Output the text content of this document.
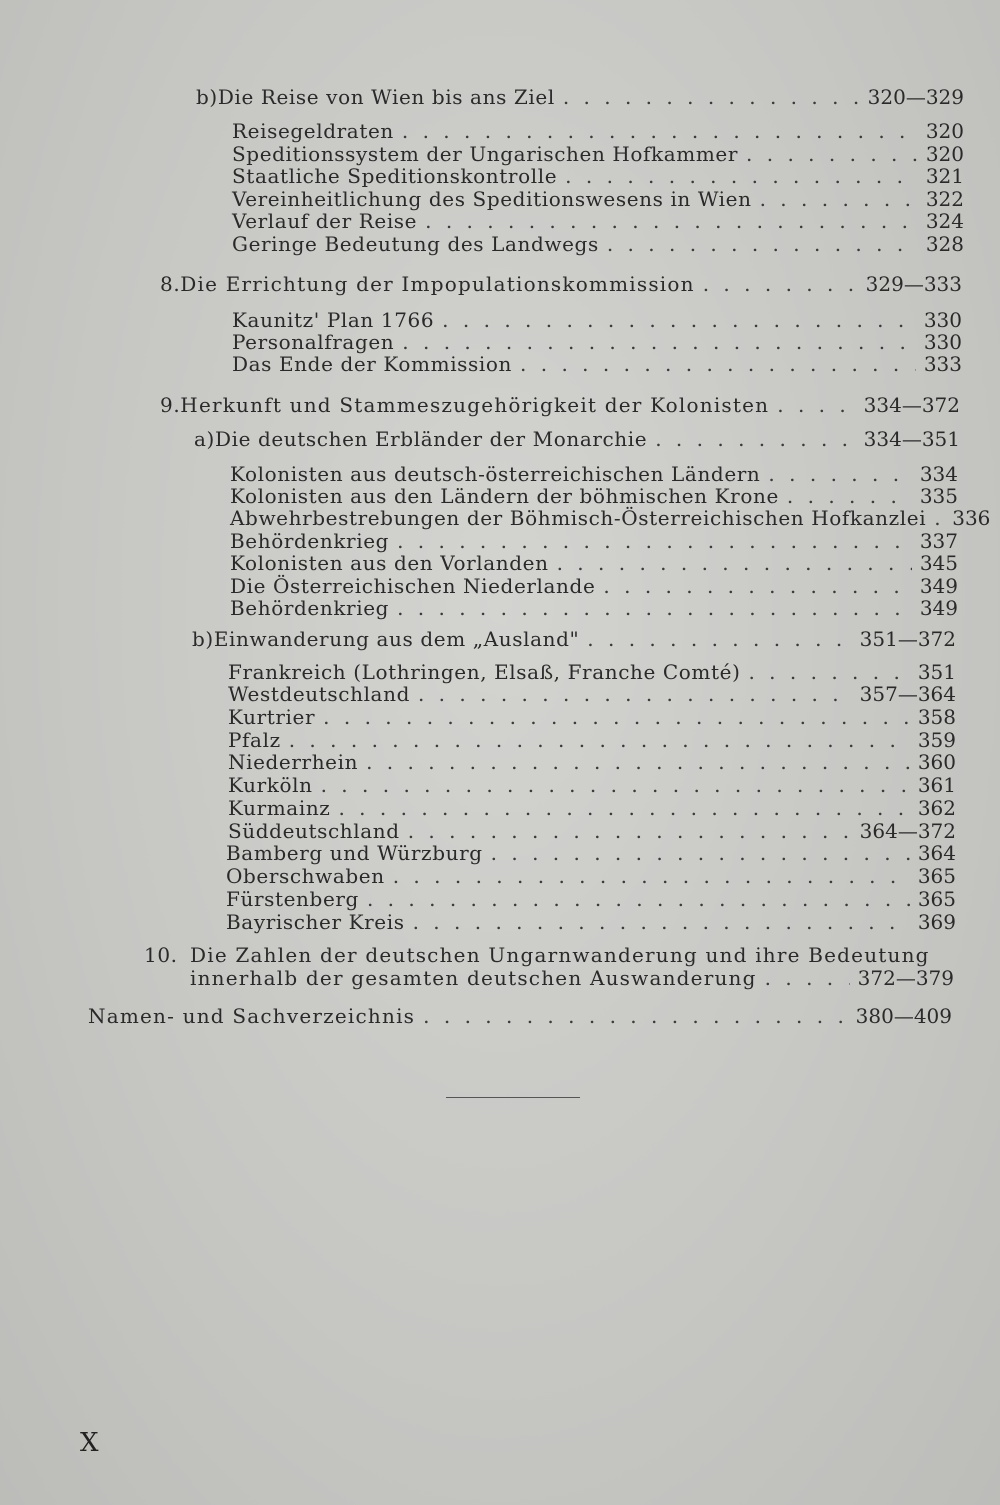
b) Die Reise von Wien bis ans Ziel . . .	320—329
Reisegeldraten . . .	320
Speditionssystem der Ungarischen Hofkammer . . .	320
Staatliche Speditionskontrolle . . .	321
Vereinheitlichung des Speditionswesens in Wien . . .	322
Verlauf der Reise . . .	324
Geringe Bedeutung des Landwegs . . .	328
8. Die Errichtung der Impopulationskommission . . .	329—333
Kaunitz' Plan 1766 . . .	330
Personalfragen . . .	330
Das Ende der Kommission . . .	333
9. Herkunft und Stammeszugehörigkeit der Kolonisten . . .	334—372
a) Die deutschen Erbländer der Monarchie . . .	334—351
Kolonisten aus deutsch-österreichischen Ländern . . .	334
Kolonisten aus den Ländern der böhmischen Krone . . .	335
Abwehrbestrebungen der Böhmisch-Österreichischen Hofkanzlei . . . 336
Behördenkrieg . . .	337
Kolonisten aus den Vorlanden . . .	345
Die Österreichischen Niederlande . . .	349
Behördenkrieg . . .	349
b) Einwanderung aus dem „Ausland" . . .	351—372
Frankreich (Lothringen, Elsaß, Franche Comté) . . .	351
Westdeutschland . . .	357—364
Kurtrier . . .	358
Pfalz . . .	359
Niederrhein . . .	360
Kurköln . . .	361
Kurmainz . . .	362
Süddeutschland . . .	364—372
Bamberg und Würzburg . . .	364
Oberschwaben . . .	365
Fürstenberg . . .	365
Bayrischer Kreis . . .	369
10. Die Zahlen der deutschen Ungarnwanderung und ihre Bedeutung
innerhalb der gesamten deutschen Auswanderung . . .	372—379
Namen- und Sachverzeichnis . . .	380—409
X
